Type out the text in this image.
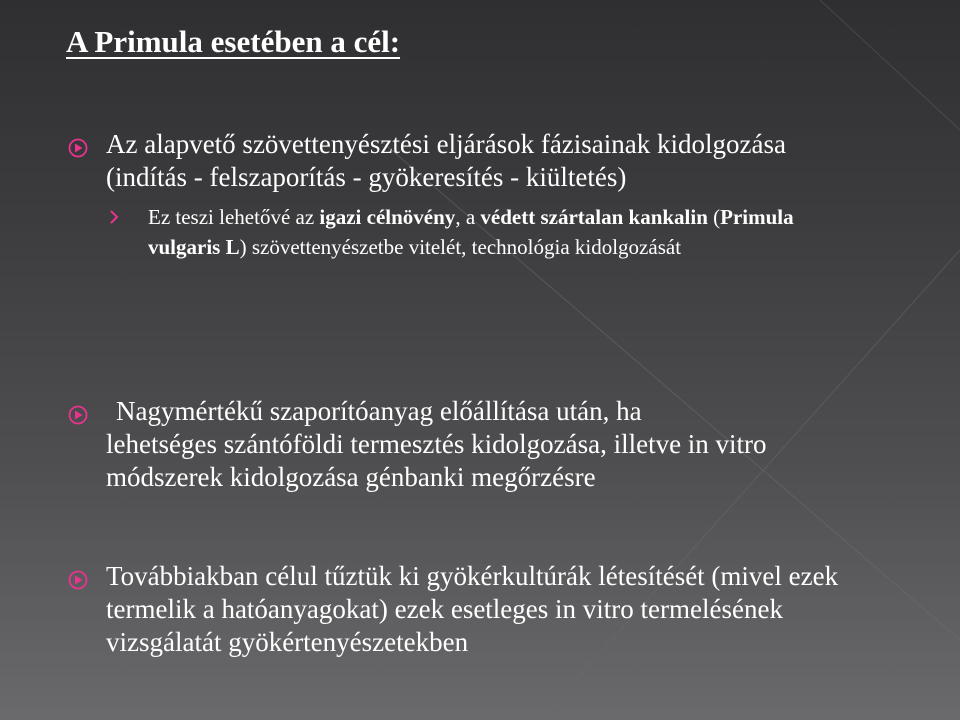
A Primula esetében a cél:

Az alapvető szövettenyésztési eljárások fázisainak kidolgozása (indítás - felszaporítás - gyökeresítés - kiültetés)

Ez teszi lehetővé az igazi célnövény, a védett szártalan kankalin (Primula vulgaris L) szövettenyészetbe vitelét, technológia kidolgozását

Nagymértékű szaporítóanyag előállítása után, ha
lehetséges szántóföldi termesztés kidolgozása, illetve in vitro módszerek kidolgozása génbanki megőrzésre

Továbbiakban célul tűztük ki gyökérkultúrák létesítését (mivel ezek termelik a hatóanyagokat) ezek esetleges in vitro termelésének vizsgálatát gyökértenyészetekben
